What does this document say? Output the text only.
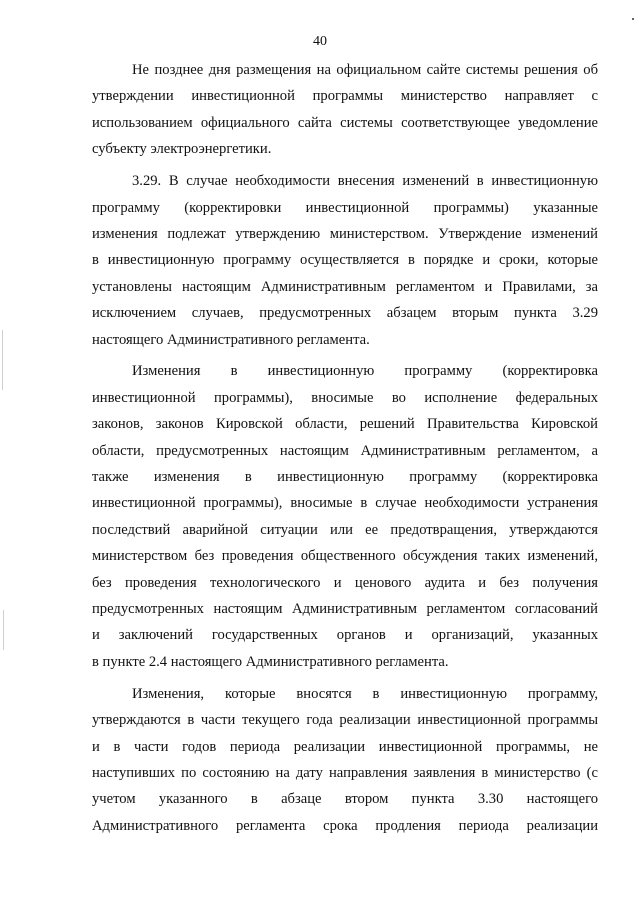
40
Не позднее дня размещения на официальном сайте системы решения об
утверждении инвестиционной программы министерство направляет с
использованием официального сайта системы соответствующее уведомление
субъекту электроэнергетики.
3.29. В случае необходимости внесения изменений в инвестиционную
программу (корректировки инвестиционной программы) указанные
изменения подлежат утверждению министерством. Утверждение изменений
в инвестиционную программу осуществляется в порядке и сроки, которые
установлены настоящим Административным регламентом и Правилами, за
исключением случаев, предусмотренных абзацем вторым пункта 3.29
настоящего Административного регламента.
Изменения в инвестиционную программу (корректировка
инвестиционной программы), вносимые во исполнение федеральных
законов, законов Кировской области, решений Правительства Кировской
области, предусмотренных настоящим Административным регламентом, а
также изменения в инвестиционную программу (корректировка
инвестиционной программы), вносимые в случае необходимости устранения
последствий аварийной ситуации или ее предотвращения, утверждаются
министерством без проведения общественного обсуждения таких изменений,
без проведения технологического и ценового аудита и без получения
предусмотренных настоящим Административным регламентом согласований
и заключений государственных органов и организаций, указанных
в пункте 2.4 настоящего Административного регламента.
Изменения, которые вносятся в инвестиционную программу,
утверждаются в части текущего года реализации инвестиционной программы
и в части годов периода реализации инвестиционной программы, не
наступивших по состоянию на дату направления заявления в министерство (с
учетом указанного в абзаце втором пункта 3.30 настоящего
Административного регламента срока продления периода реализации
